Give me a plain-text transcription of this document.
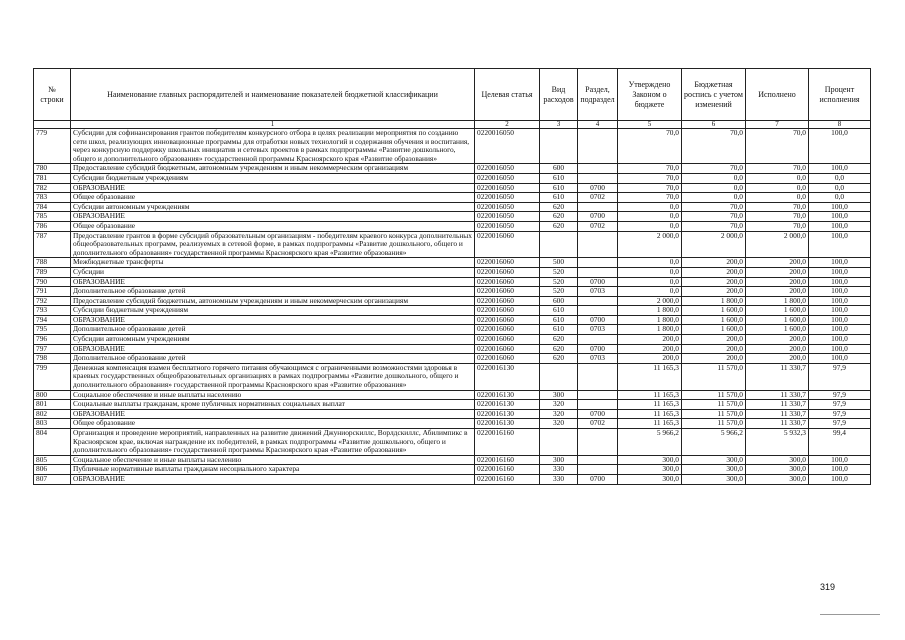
№ строки	Наименование главных распорядителей и наименование показателей бюджетной классификации	Целевая статья	Вид расходов	Раздел, подраздел	Утверждено Законом о бюджете	Бюджетная роспись с учетом изменений	Исполнено	Процент исполнения
	1	2	3	4	5	6	7	8
779	Субсидии для софинансирования грантов победителям конкурсного отбора в целях реализации мероприятия по созданию сети школ, реализующих инновационные программы для отработки новых технологий и содержания обучения и воспитания, через конкурсную поддержку школьных инициатив и сетевых проектов в рамках подпрограммы «Развитие дошкольного, общего и дополнительного образования» государственной программы Красноярского края «Развитие образования»	0220016050			70,0	70,0	70,0	100,0
780	Предоставление субсидий бюджетным, автономным учреждениям и иным некоммерческим организациям	0220016050	600		70,0	70,0	70,0	100,0
781	Субсидии бюджетным учреждениям	0220016050	610		70,0	0,0	0,0	0,0
782	ОБРАЗОВАНИЕ	0220016050	610	0700	70,0	0,0	0,0	0,0
783	Общее образование	0220016050	610	0702	70,0	0,0	0,0	0,0
784	Субсидии автономным учреждениям	0220016050	620		0,0	70,0	70,0	100,0
785	ОБРАЗОВАНИЕ	0220016050	620	0700	0,0	70,0	70,0	100,0
786	Общее образование	0220016050	620	0702	0,0	70,0	70,0	100,0
787	Предоставление грантов в форме субсидий образовательным организациям - победителям краевого конкурса дополнительных общеобразовательных программ, реализуемых в сетевой форме, в рамках подпрограммы «Развитие дошкольного, общего и дополнительного образования» государственной программы Красноярского края «Развитие образования»	0220016060			2 000,0	2 000,0	2 000,0	100,0
788	Межбюджетные трансферты	0220016060	500		0,0	200,0	200,0	100,0
789	Субсидии	0220016060	520		0,0	200,0	200,0	100,0
790	ОБРАЗОВАНИЕ	0220016060	520	0700	0,0	200,0	200,0	100,0
791	Дополнительное образование детей	0220016060	520	0703	0,0	200,0	200,0	100,0
792	Предоставление субсидий бюджетным, автономным учреждениям и иным некоммерческим организациям	0220016060	600		2 000,0	1 800,0	1 800,0	100,0
793	Субсидии бюджетным учреждениям	0220016060	610		1 800,0	1 600,0	1 600,0	100,0
794	ОБРАЗОВАНИЕ	0220016060	610	0700	1 800,0	1 600,0	1 600,0	100,0
795	Дополнительное образование детей	0220016060	610	0703	1 800,0	1 600,0	1 600,0	100,0
796	Субсидии автономным учреждениям	0220016060	620		200,0	200,0	200,0	100,0
797	ОБРАЗОВАНИЕ	0220016060	620	0700	200,0	200,0	200,0	100,0
798	Дополнительное образование детей	0220016060	620	0703	200,0	200,0	200,0	100,0
799	Денежная компенсация взамен бесплатного горячего питания обучающимся с ограниченными возможностями здоровья в краевых государственных общеобразовательных организациях в рамках подпрограммы «Развитие дошкольного, общего и дополнительного образования» государственной программы Красноярского края «Развитие образования»	0220016130			11 165,3	11 570,0	11 330,7	97,9
800	Социальное обеспечение и иные выплаты населению	0220016130	300		11 165,3	11 570,0	11 330,7	97,9
801	Социальные выплаты гражданам, кроме публичных нормативных социальных выплат	0220016130	320		11 165,3	11 570,0	11 330,7	97,9
802	ОБРАЗОВАНИЕ	0220016130	320	0700	11 165,3	11 570,0	11 330,7	97,9
803	Общее образование	0220016130	320	0702	11 165,3	11 570,0	11 330,7	97,9
804	Организация и проведение мероприятий, направленных на развитие движений Джуниорскиллс, Ворлдскиллс, Абилимпикс в Красноярском крае, включая награждение их победителей, в рамках подпрограммы «Развитие дошкольного, общего и дополнительного образования» государственной программы Красноярского края «Развитие образования»	0220016160			5 966,2	5 966,2	5 932,3	99,4
805	Социальное обеспечение и иные выплаты населению	0220016160	300		300,0	300,0	300,0	100,0
806	Публичные нормативные выплаты гражданам несоциального характера	0220016160	330		300,0	300,0	300,0	100,0
807	ОБРАЗОВАНИЕ	0220016160	330	0700	300,0	300,0	300,0	100,0
319
